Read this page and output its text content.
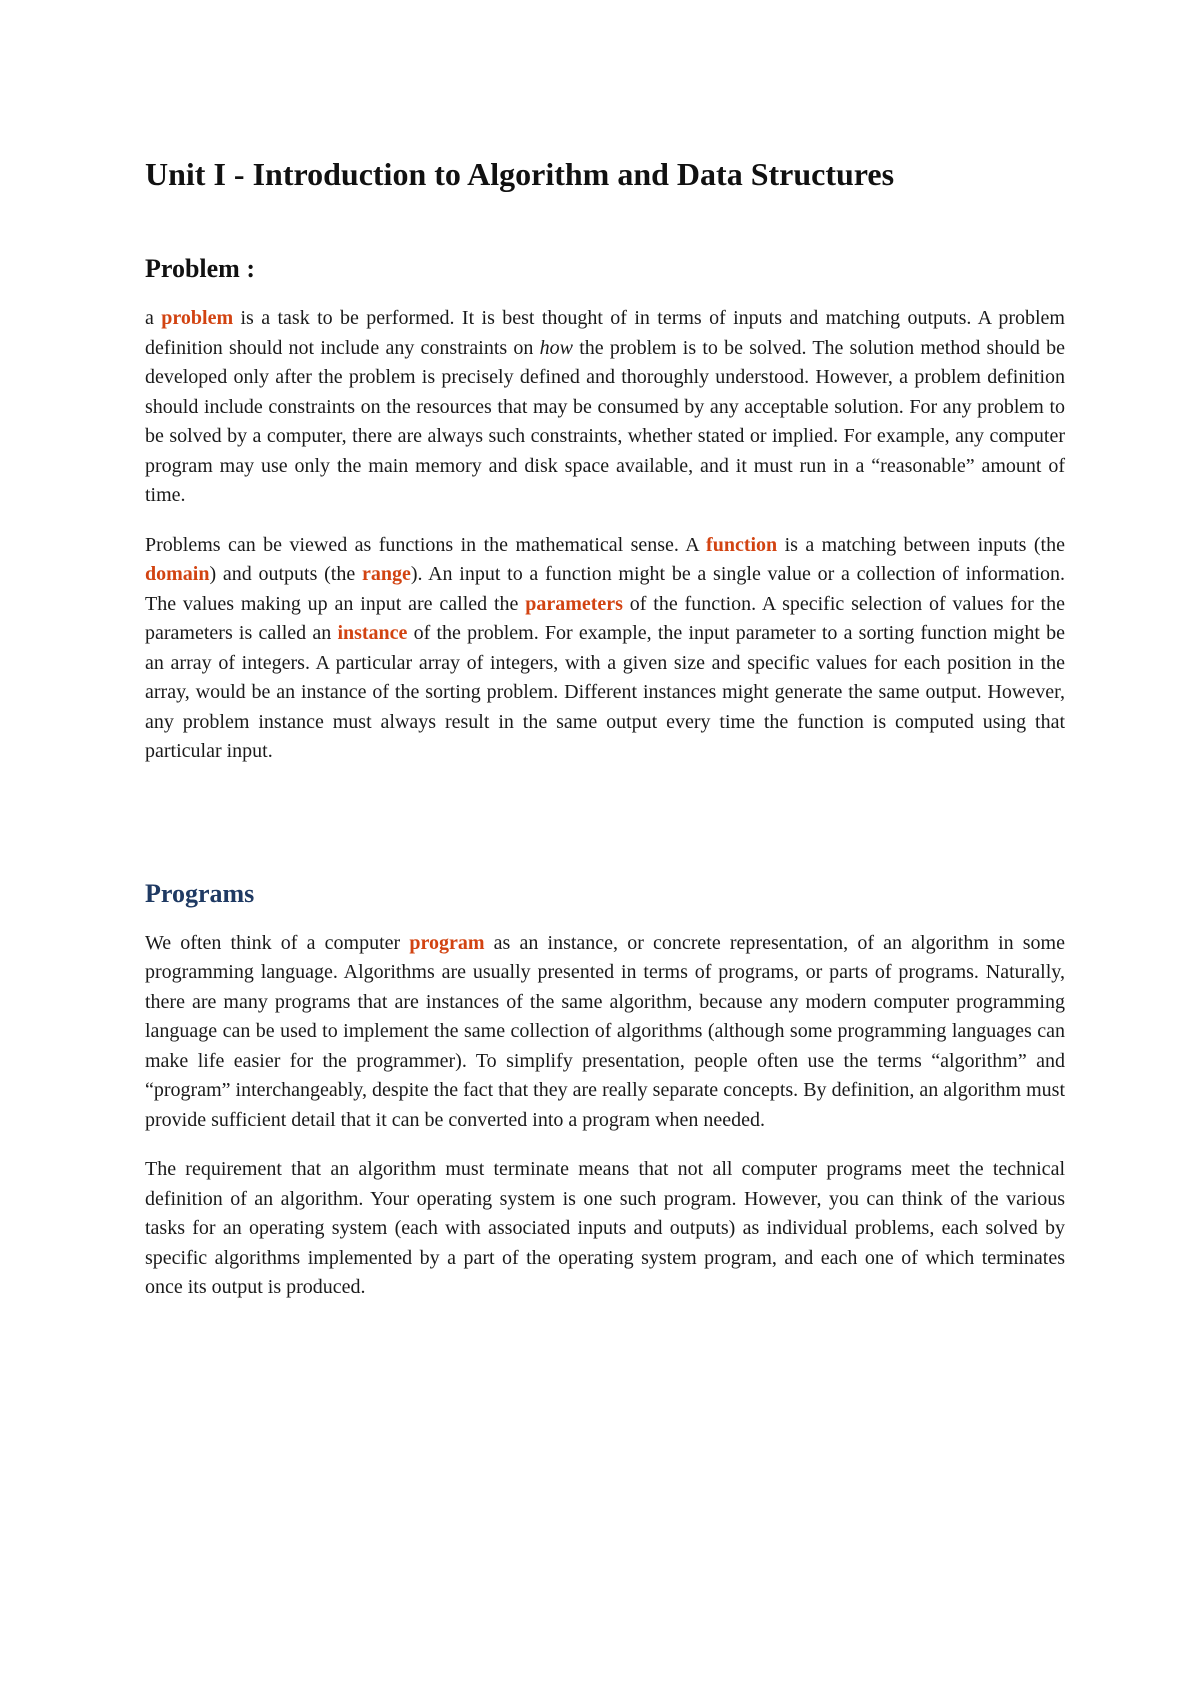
Unit I - Introduction to Algorithm and Data Structures
Problem :

a problem is a task to be performed. It is best thought of in terms of inputs and matching outputs. A problem definition should not include any constraints on how the problem is to be solved. The solution method should be developed only after the problem is precisely defined and thoroughly understood. However, a problem definition should include constraints on the resources that may be consumed by any acceptable solution. For any problem to be solved by a computer, there are always such constraints, whether stated or implied. For example, any computer program may use only the main memory and disk space available, and it must run in a “reasonable” amount of time.

Problems can be viewed as functions in the mathematical sense. A function is a matching between inputs (the domain) and outputs (the range). An input to a function might be a single value or a collection of information. The values making up an input are called the parameters of the function. A specific selection of values for the parameters is called an instance of the problem. For example, the input parameter to a sorting function might be an array of integers. A particular array of integers, with a given size and specific values for each position in the array, would be an instance of the sorting problem. Different instances might generate the same output. However, any problem instance must always result in the same output every time the function is computed using that particular input.

Programs

We often think of a computer program as an instance, or concrete representation, of an algorithm in some programming language. Algorithms are usually presented in terms of programs, or parts of programs. Naturally, there are many programs that are instances of the same algorithm, because any modern computer programming language can be used to implement the same collection of algorithms (although some programming languages can make life easier for the programmer). To simplify presentation, people often use the terms “algorithm” and “program” interchangeably, despite the fact that they are really separate concepts. By definition, an algorithm must provide sufficient detail that it can be converted into a program when needed.

The requirement that an algorithm must terminate means that not all computer programs meet the technical definition of an algorithm. Your operating system is one such program. However, you can think of the various tasks for an operating system (each with associated inputs and outputs) as individual problems, each solved by specific algorithms implemented by a part of the operating system program, and each one of which terminates once its output is produced.
